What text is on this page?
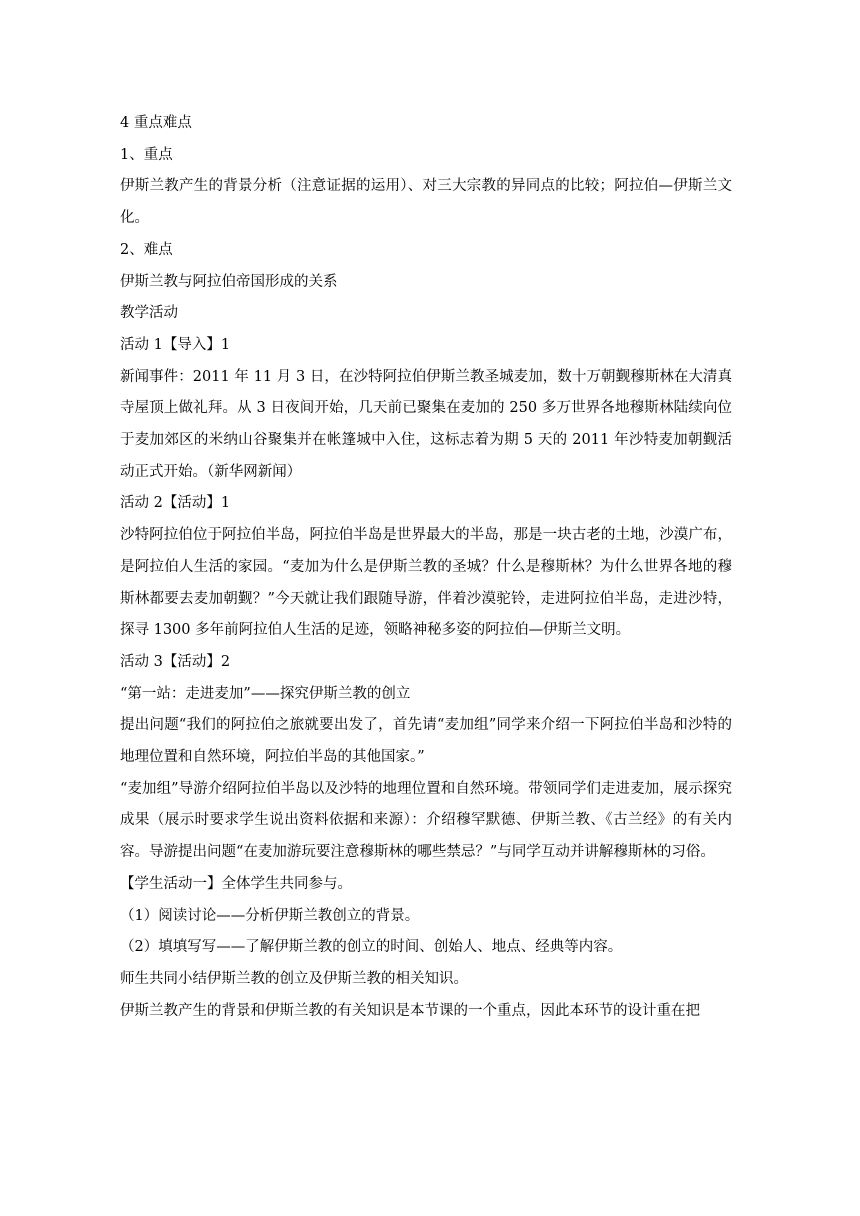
4 重点难点
1、重点
伊斯兰教产生的背景分析（注意证据的运用）、对三大宗教的异同点的比较；阿拉伯—伊斯兰文化。
2、难点
伊斯兰教与阿拉伯帝国形成的关系
教学活动
活动 1【导入】1
新闻事件：2011 年 11 月 3 日，在沙特阿拉伯伊斯兰教圣城麦加，数十万朝觐穆斯林在大清真寺屋顶上做礼拜。从 3 日夜间开始，几天前已聚集在麦加的 250 多万世界各地穆斯林陆续向位于麦加郊区的米纳山谷聚集并在帐篷城中入住，这标志着为期 5 天的 2011 年沙特麦加朝觐活动正式开始。（新华网新闻）
活动 2【活动】1
沙特阿拉伯位于阿拉伯半岛，阿拉伯半岛是世界最大的半岛，那是一块古老的土地，沙漠广布，是阿拉伯人生活的家园。“麦加为什么是伊斯兰教的圣城？什么是穆斯林？为什么世界各地的穆斯林都要去麦加朝觐？”今天就让我们跟随导游，伴着沙漠驼铃，走进阿拉伯半岛，走进沙特，探寻 1300 多年前阿拉伯人生活的足迹，领略神秘多姿的阿拉伯—伊斯兰文明。
活动 3【活动】2
“第一站：走进麦加”——探究伊斯兰教的创立
提出问题“我们的阿拉伯之旅就要出发了，首先请“麦加组”同学来介绍一下阿拉伯半岛和沙特的地理位置和自然环境，阿拉伯半岛的其他国家。”
“麦加组”导游介绍阿拉伯半岛以及沙特的地理位置和自然环境。带领同学们走进麦加，展示探究成果（展示时要求学生说出资料依据和来源）：介绍穆罕默德、伊斯兰教、《古兰经》的有关内容。导游提出问题“在麦加游玩要注意穆斯林的哪些禁忌？”与同学互动并讲解穆斯林的习俗。
【学生活动一】全体学生共同参与。
（1）阅读讨论——分析伊斯兰教创立的背景。
（2）填填写写——了解伊斯兰教的创立的时间、创始人、地点、经典等内容。
师生共同小结伊斯兰教的创立及伊斯兰教的相关知识。
伊斯兰教产生的背景和伊斯兰教的有关知识是本节课的一个重点，因此本环节的设计重在把
